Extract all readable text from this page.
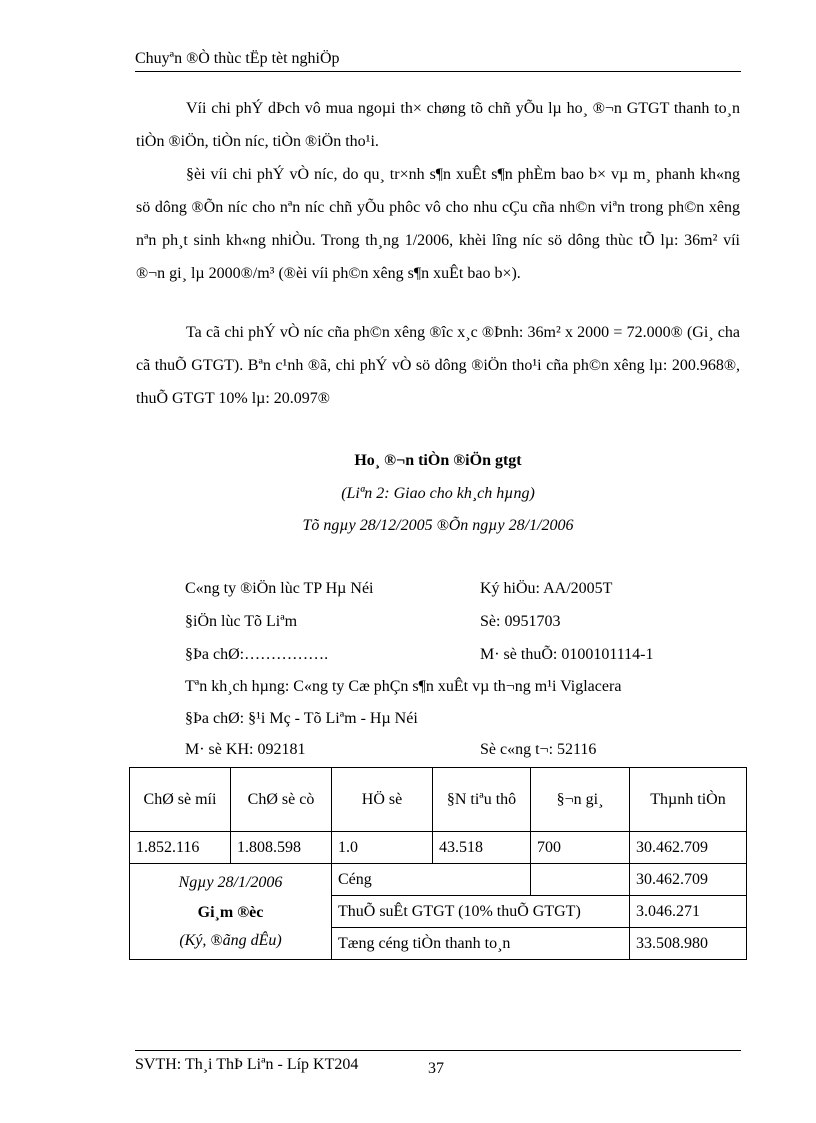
Chuyªn ®Ò thùc tËp tèt nghiÖp
Víi chi phÝ dÞch vô mua ngoµi th× chøng tõ chñ yÕu lµ ho¸ ®¬n GTGT thanh to¸n tiÒn ®iÖn, tiÒn níc, tiÒn ®iÖn tho¹i.
§èi víi chi phÝ vÒ níc, do qu¸ tr×nh s¶n xuÊt s¶n phÈm bao b× vµ m¸ phanh kh«ng sö dông ®Õn níc cho nªn níc chñ yÕu phôc vô cho nhu cÇu cña nh©n viªn trong ph©n xêng nªn ph¸t sinh kh«ng nhiÒu. Trong th¸ng 1/2006, khèi lîng níc sö dông thùc tÕ lµ: 36m² víi ®¬n gi¸ lµ 2000®/m³ (®èi víi ph©n xêng s¶n xuÊt bao b×).
Ta cã chi phÝ vÒ níc cña ph©n xêng ®îc x¸c ®Þnh: 36m² x 2000 = 72.000® (Gi¸ cha cã thuÕ GTGT). Bªn c¹nh ®ã, chi phÝ vÒ sö dông ®iÖn tho¹i cña ph©n xêng lµ: 200.968®, thuÕ GTGT 10% lµ: 20.097®
Ho¸ ®¬n tiÒn ®iÖn gtgt
(Liªn 2: Giao cho kh¸ch hµng)
Tõ ngµy 28/12/2005 ®Õn ngµy 28/1/2006
C«ng ty ®iÖn lùc TP Hµ Néi	Ký hiÖu: AA/2005T
§iÖn lùc Tõ Liªm	Sè: 0951703
§Þa chØ:…………….	M· sè thuÕ: 0100101114-1
Tªn kh¸ch hµng: C«ng ty Cæ phÇn s¶n xuÊt vµ th¬ng m¹i Viglacera
§Þa chØ: §¹i Mç - Tõ Liªm - Hµ Néi
M· sè KH: 092181	Sè c«ng t¬: 52116
ChØ sè míi	ChØ sè cò	HÖ sè	§N tiªu thô	§¬n gi¸	Thµnh tiÒn
1.852.116	1.808.598	1.0	43.518	700	30.462.709

Ngµy 28/1/2006
Gi¸m ®èc
(Ký, ®ãng dÊu)		Céng			30.462.709
		ThuÕ suÊt GTGT (10% thuÕ GTGT)			3.046.271
		Tæng céng tiÒn thanh to¸n			33.508.980
SVTH: Th¸i ThÞ Liªn - Líp KT204	37
